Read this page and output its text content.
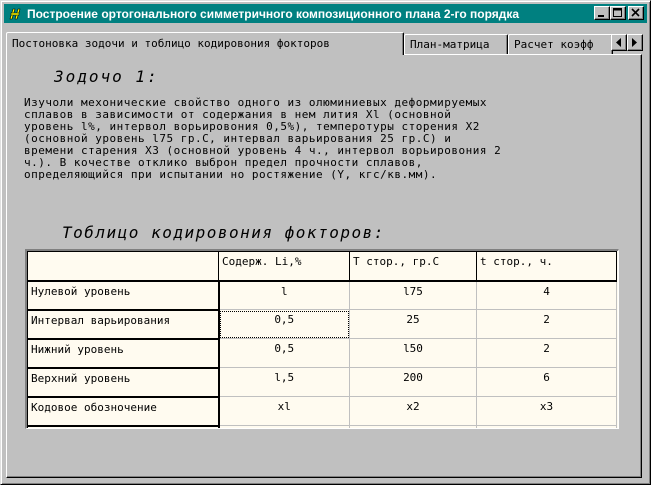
Построение ортогонального симметричного композиционного плана 2-го порядка
Постоновка зодочи и тоблицо кодировония фокторов	План-матрица	Расчет коэфф
Зодочо 1:
Изучоли мехонические свойство одного из олюминиевых деформируемых
сплавов в зависимости от содержания в нем лития Xl (основной
уровень l%, интервол ворьировония 0,5%), темперотуры сторения X2
(основной уровень l75 гр.С, интервал варьирования 25 гр.С) и
времени старения X3 (основной уровень 4 ч., интервол ворьировония 2
ч.). В кочестве отклико выброн предел прочности сплавов,
определяющийся при испытании но ростяжение (Y, кгс/кв.мм).
Тоблицо кодировония фокторов:
	Содерж. Li,%	T стор., гр.С	t стор., ч.
Нулевой уровень	l	l75	4
Интервал варьирования	0,5	25	2
Нижний уровень	0,5	l50	2
Верхний уровень	l,5	200	6
Кодовое обозночение	xl	x2	x3
